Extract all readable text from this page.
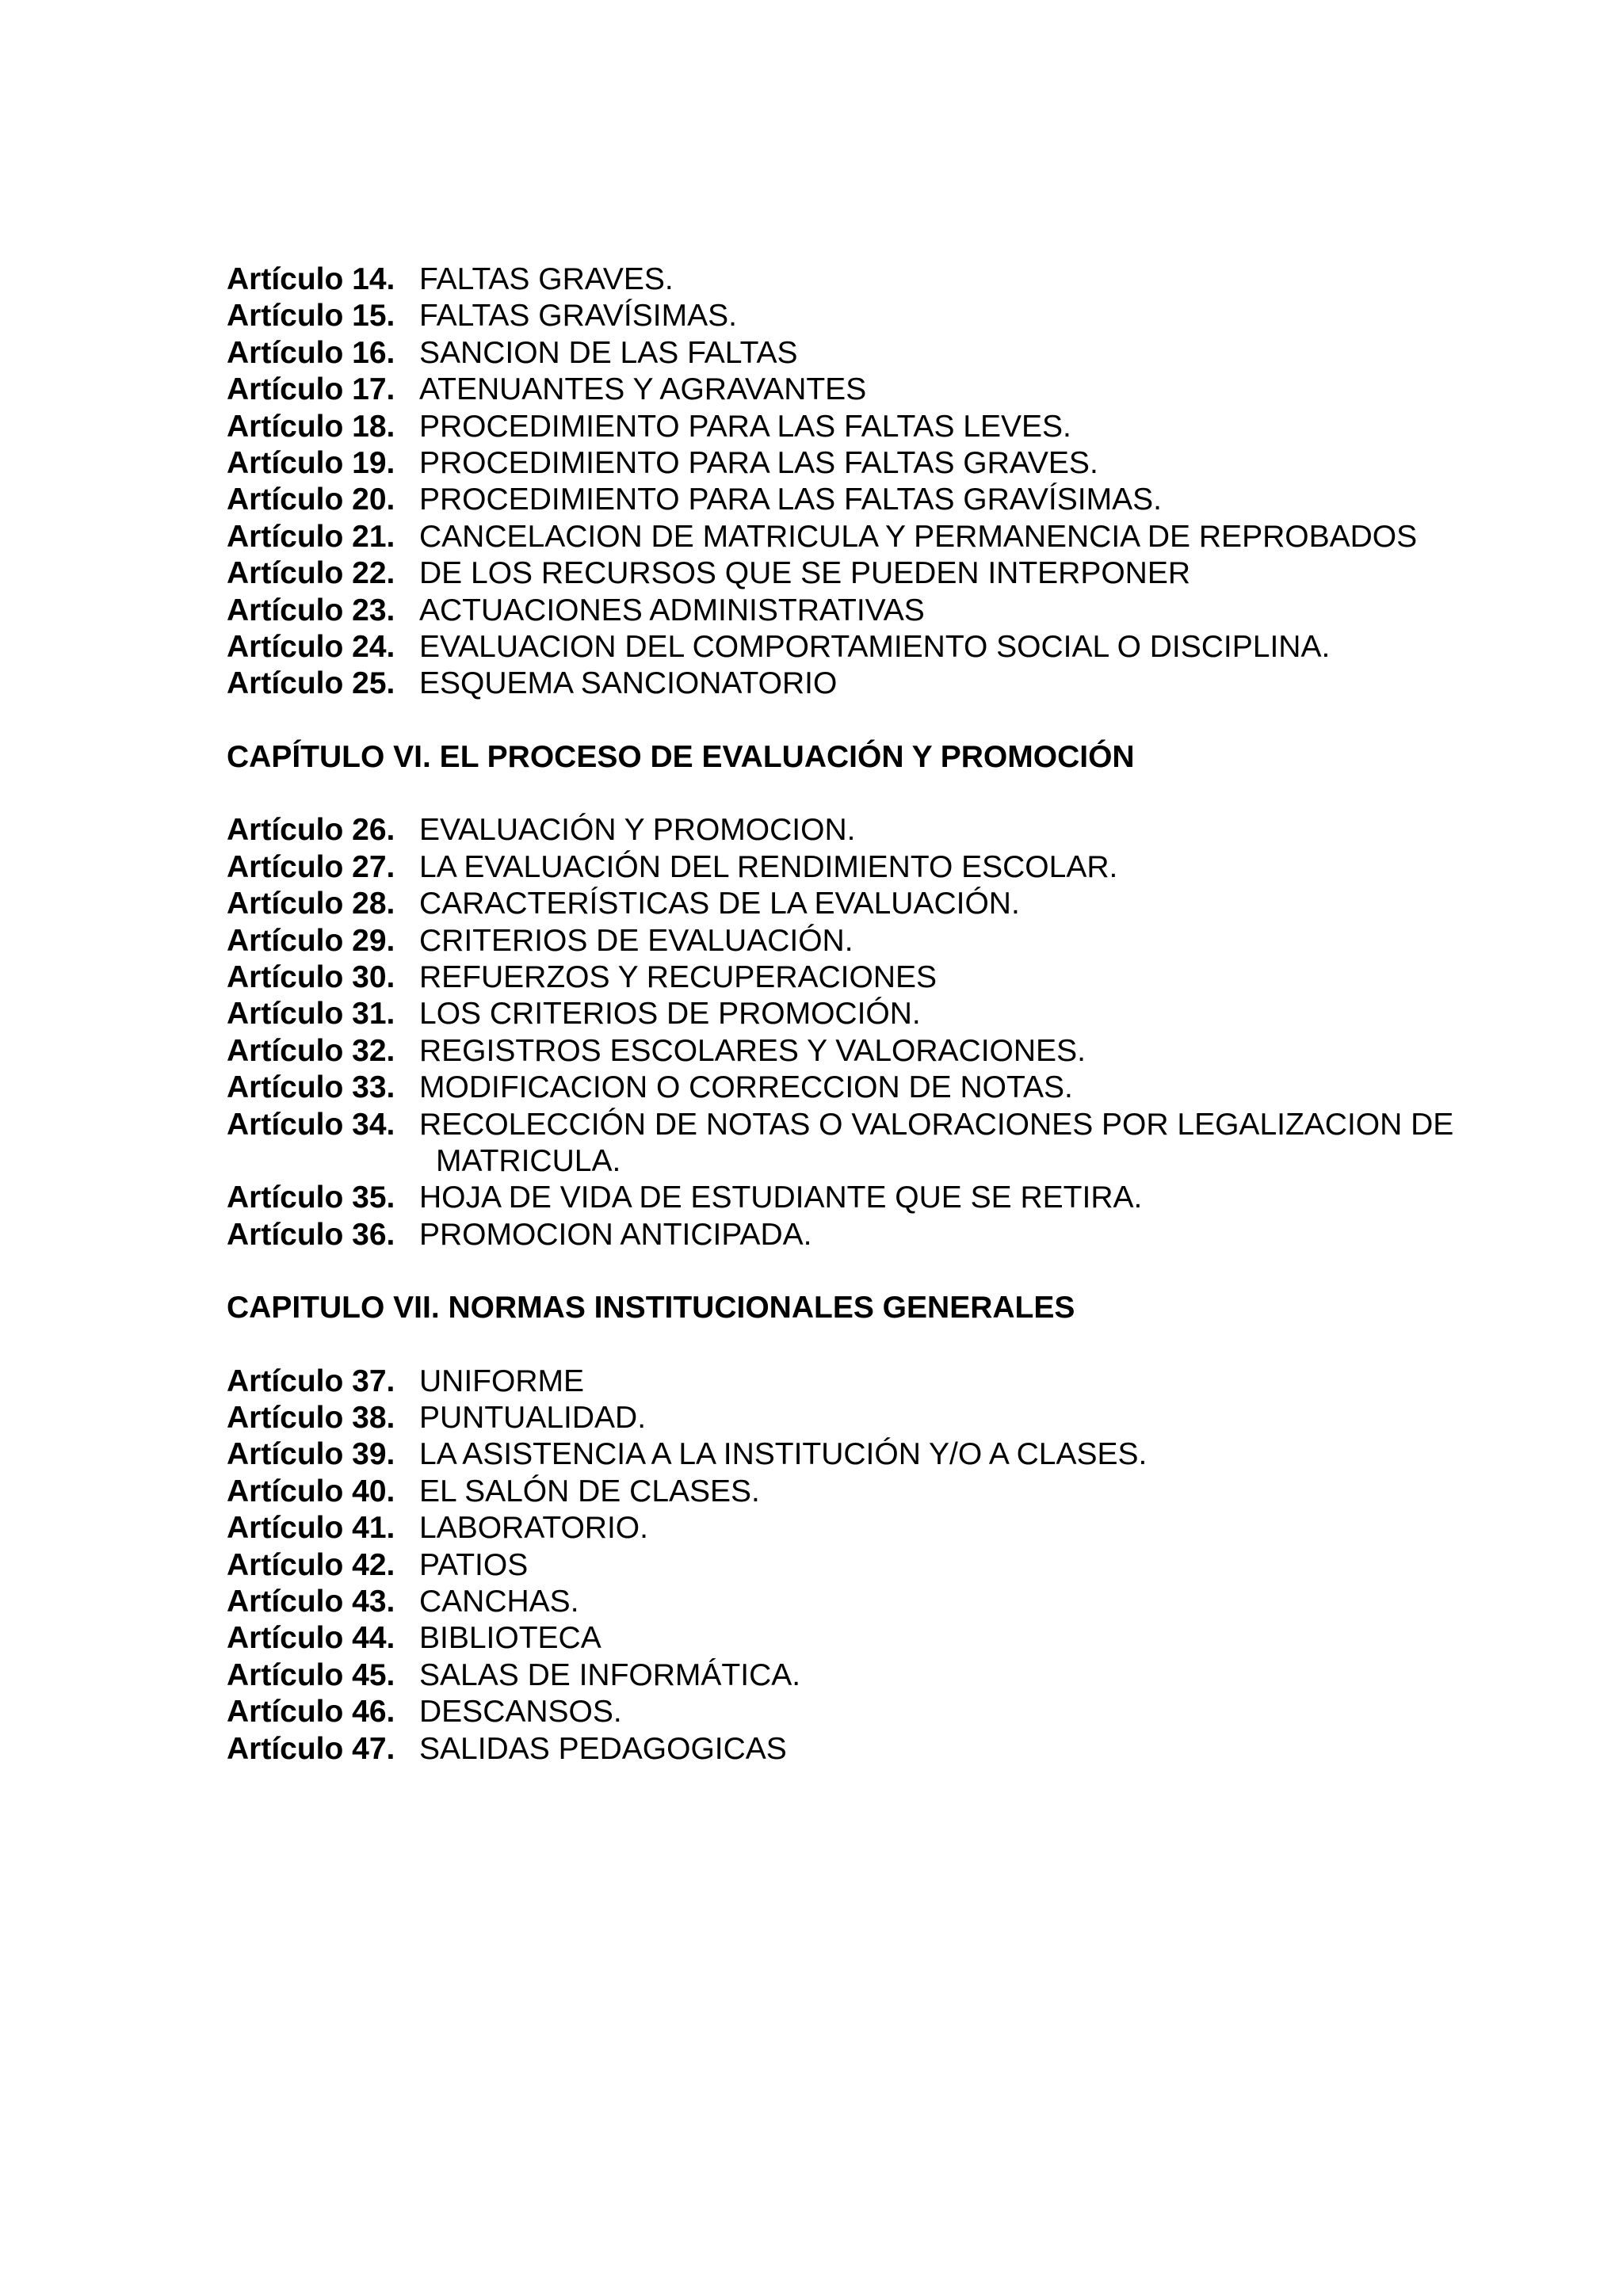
Artículo 14. FALTAS GRAVES.
Artículo 15. FALTAS GRAVÍSIMAS.
Artículo 16. SANCION DE LAS FALTAS
Artículo 17. ATENUANTES Y AGRAVANTES
Artículo 18. PROCEDIMIENTO PARA LAS FALTAS LEVES.
Artículo 19. PROCEDIMIENTO PARA LAS FALTAS GRAVES.
Artículo 20. PROCEDIMIENTO PARA LAS FALTAS GRAVÍSIMAS.
Artículo 21. CANCELACION DE MATRICULA Y PERMANENCIA DE REPROBADOS
Artículo 22. DE LOS RECURSOS QUE SE PUEDEN INTERPONER
Artículo 23. ACTUACIONES ADMINISTRATIVAS
Artículo 24. EVALUACION DEL COMPORTAMIENTO SOCIAL O DISCIPLINA.
Artículo 25. ESQUEMA SANCIONATORIO
CAPÍTULO VI. EL PROCESO DE EVALUACIÓN Y PROMOCIÓN
Artículo 26. EVALUACIÓN Y PROMOCION.
Artículo 27. LA EVALUACIÓN DEL RENDIMIENTO ESCOLAR.
Artículo 28. CARACTERÍSTICAS DE LA EVALUACIÓN.
Artículo 29. CRITERIOS DE EVALUACIÓN.
Artículo 30. REFUERZOS Y RECUPERACIONES
Artículo 31. LOS CRITERIOS DE PROMOCIÓN.
Artículo 32. REGISTROS ESCOLARES Y VALORACIONES.
Artículo 33. MODIFICACION O CORRECCION DE NOTAS.
Artículo 34. RECOLECCIÓN DE NOTAS O VALORACIONES POR LEGALIZACION DE
MATRICULA.
Artículo 35. HOJA DE VIDA DE ESTUDIANTE QUE SE RETIRA.
Artículo 36. PROMOCION ANTICIPADA.
CAPITULO VII. NORMAS INSTITUCIONALES GENERALES
Artículo 37. UNIFORME
Artículo 38. PUNTUALIDAD.
Artículo 39. LA ASISTENCIA A LA INSTITUCIÓN Y/O A CLASES.
Artículo 40. EL SALÓN DE CLASES.
Artículo 41. LABORATORIO.
Artículo 42. PATIOS
Artículo 43. CANCHAS.
Artículo 44. BIBLIOTECA
Artículo 45. SALAS DE INFORMÁTICA.
Artículo 46. DESCANSOS.
Artículo 47. SALIDAS PEDAGOGICAS
